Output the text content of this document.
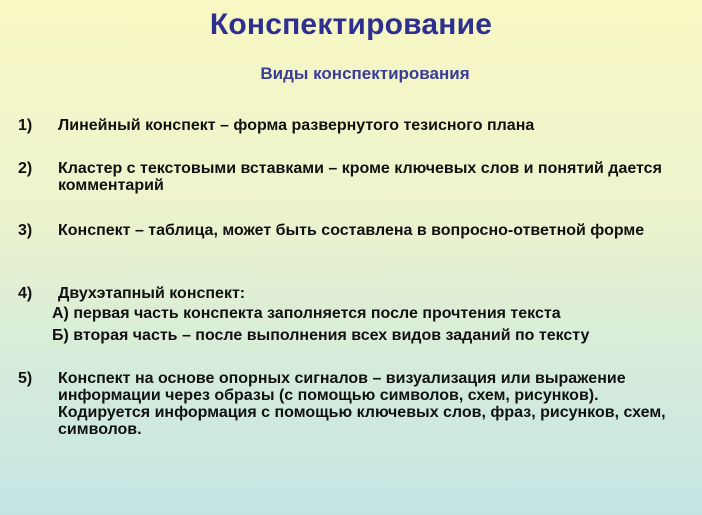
Конспектирование
Виды конспектирования
1)	Линейный конспект – форма развернутого тезисного плана
2)	Кластер с текстовыми вставками – кроме ключевых слов и понятий дается комментарий
3)	Конспект – таблица, может быть составлена в вопросно-ответной форме
4)	Двухэтапный конспект:
А) первая часть конспекта заполняется после прочтения текста
Б) вторая часть – после выполнения всех видов заданий по тексту
5)	Конспект на основе опорных сигналов – визуализация или выражение информации через образы (с помощью символов, схем, рисунков). Кодируется информация с помощью ключевых слов, фраз, рисунков, схем, символов.
